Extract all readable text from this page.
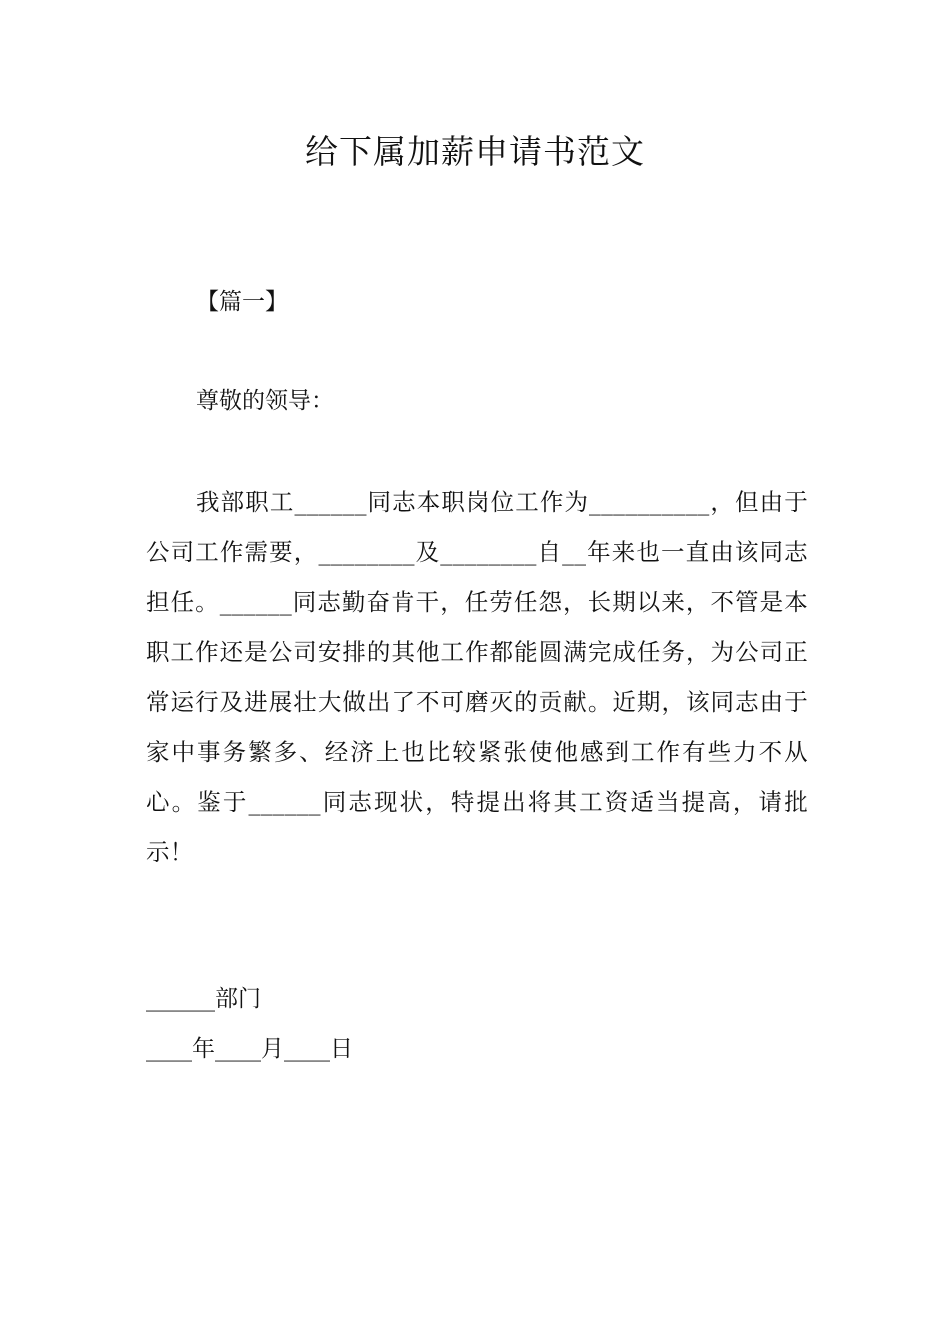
给下属加薪申请书范文
【篇一】
尊敬的领导：
我部职工______同志本职岗位工作为__________，但由于公司工作需要，________及________自__年来也一直由该同志担任。______同志勤奋肯干，任劳任怨，长期以来，不管是本职工作还是公司安排的其他工作都能圆满完成任务，为公司正常运行及进展壮大做出了不可磨灭的贡献。近期，该同志由于家中事务繁多、经济上也比较紧张使他感到工作有些力不从心。鉴于______同志现状，特提出将其工资适当提高，请批示！
______部门
____年____月____日
